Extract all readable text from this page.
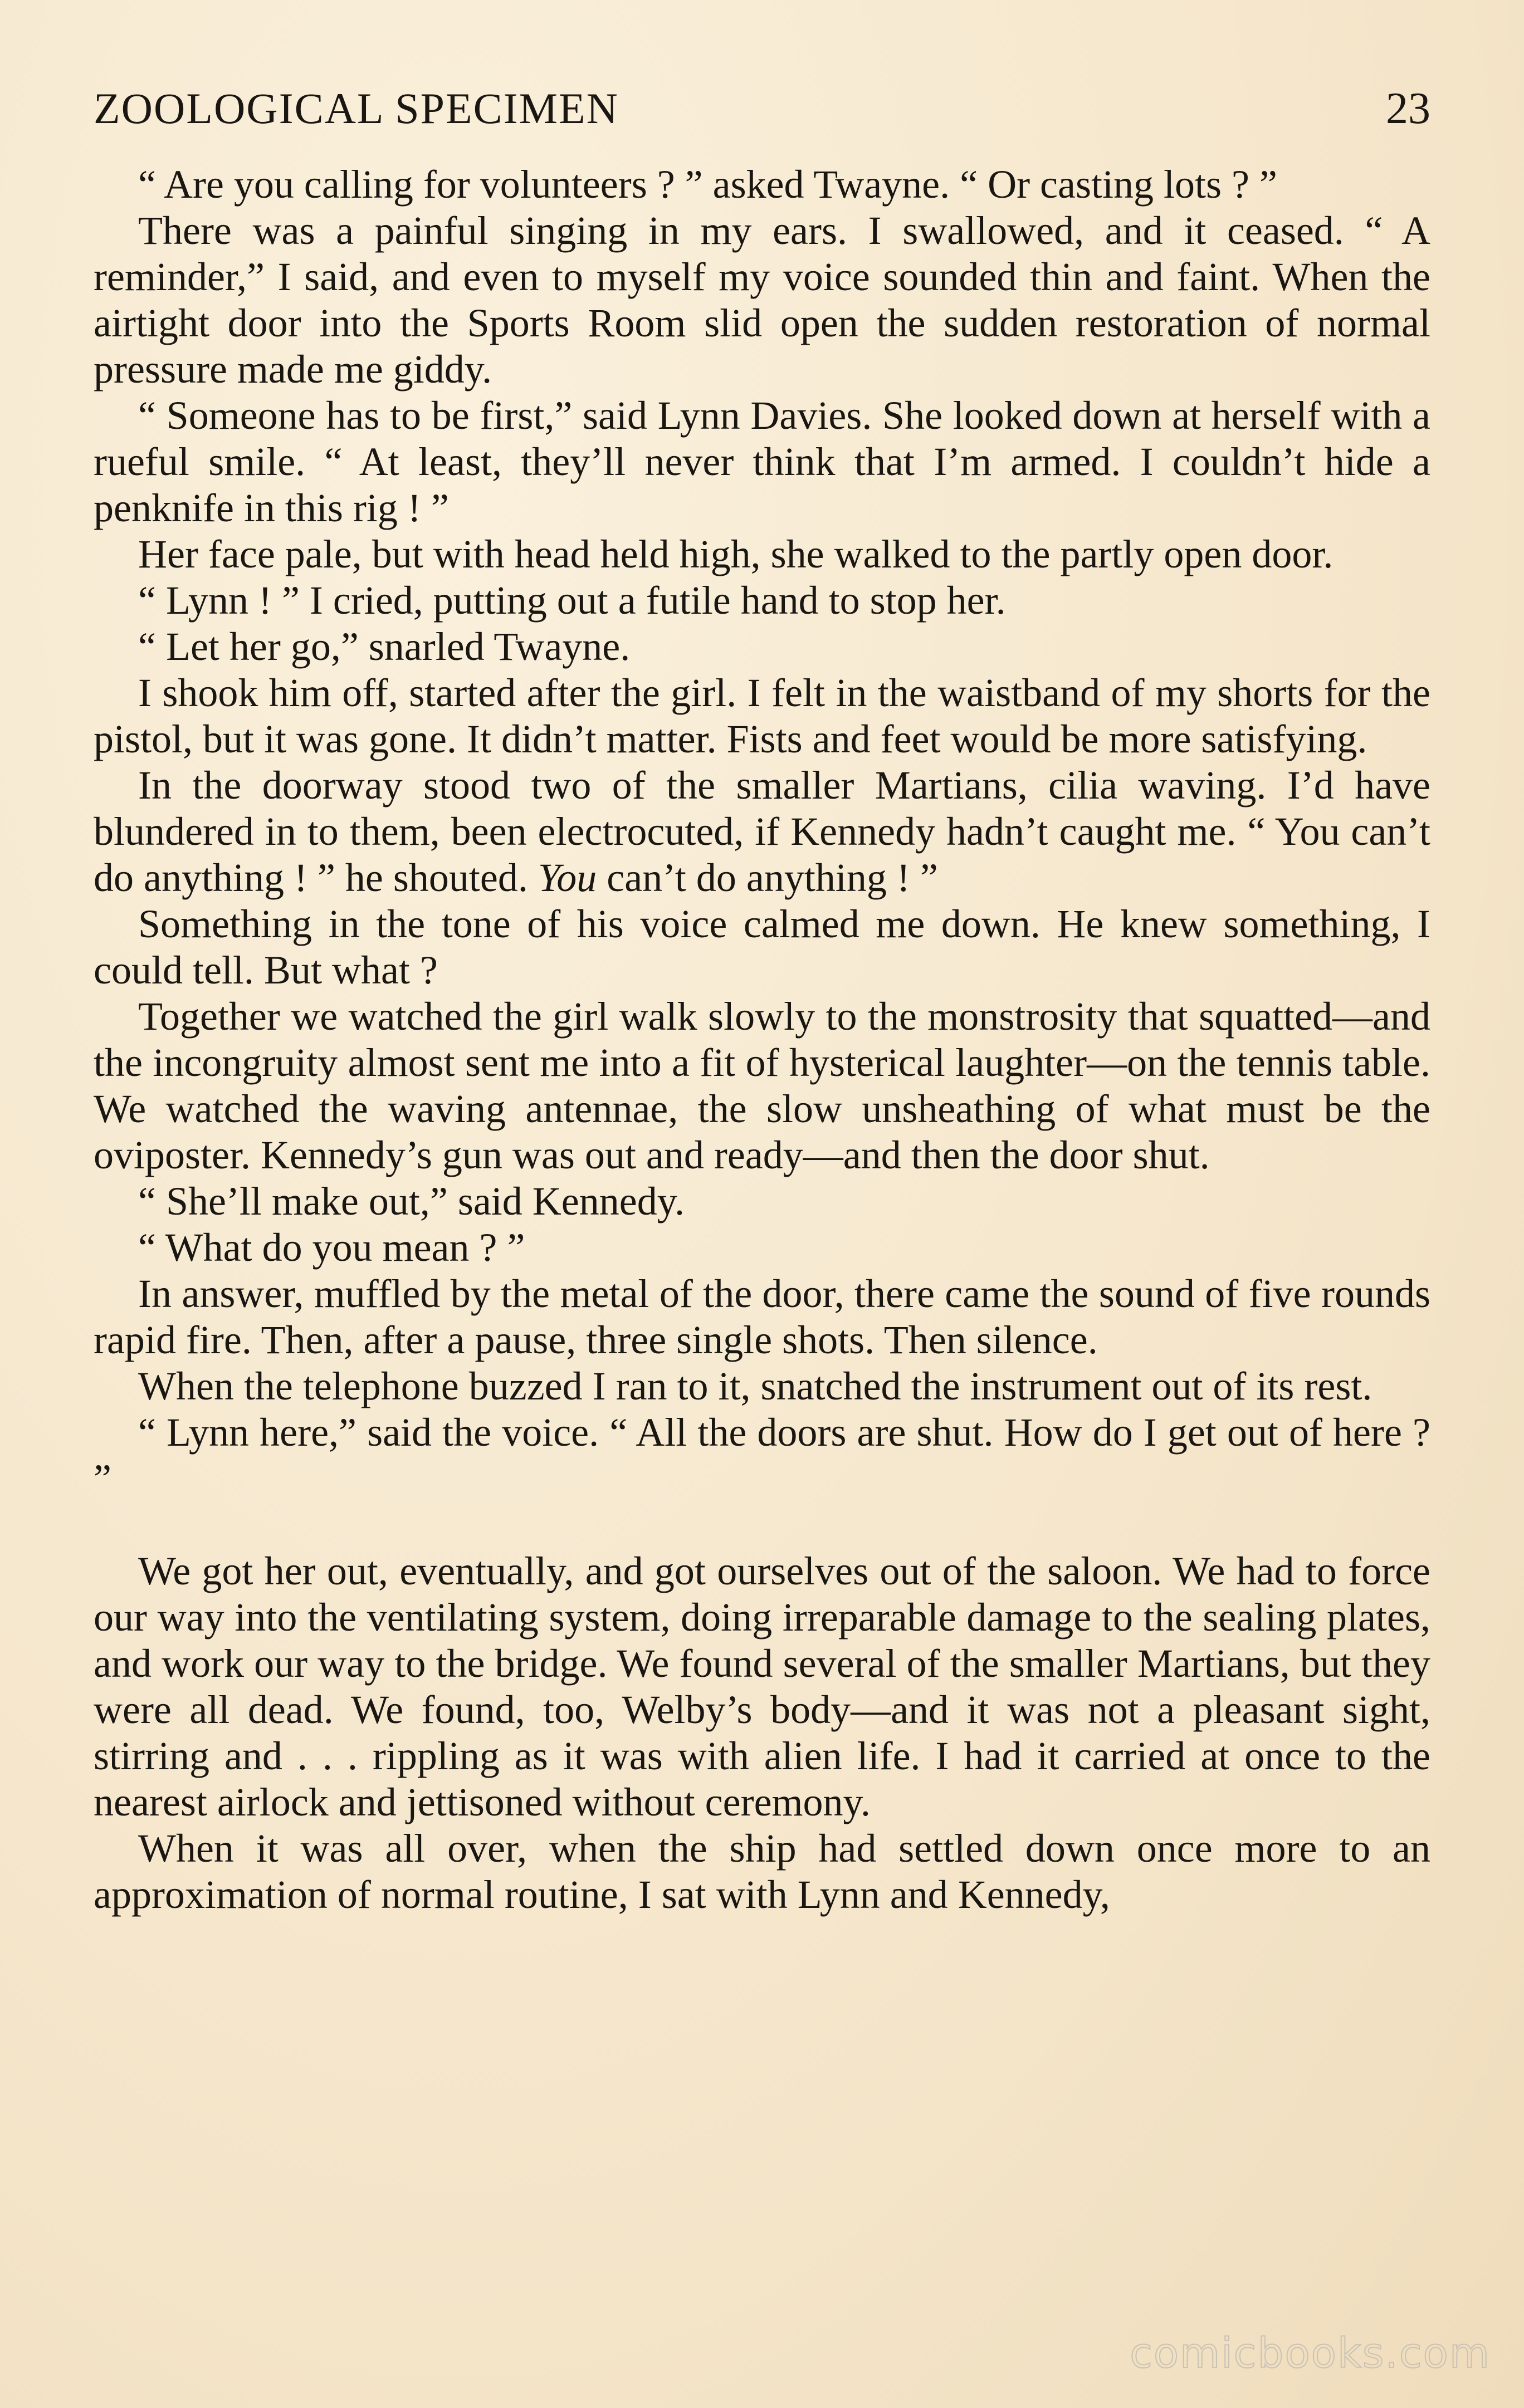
ZOOLOGICAL SPECIMEN	23

“ Are you calling for volunteers ? ” asked Twayne. “ Or casting lots ? ”

There was a painful singing in my ears. I swallowed, and it ceased. “ A reminder,” I said, and even to myself my voice sounded thin and faint. When the airtight door into the Sports Room slid open the sudden restoration of normal pressure made me giddy.

“ Someone has to be first,” said Lynn Davies. She looked down at herself with a rueful smile. “ At least, they’ll never think that I’m armed. I couldn’t hide a penknife in this rig ! ”

Her face pale, but with head held high, she walked to the partly open door.

“ Lynn ! ” I cried, putting out a futile hand to stop her.

“ Let her go,” snarled Twayne.

I shook him off, started after the girl. I felt in the waistband of my shorts for the pistol, but it was gone. It didn’t matter. Fists and feet would be more satisfying.

In the doorway stood two of the smaller Martians, cilia waving. I’d have blundered in to them, been electrocuted, if Kennedy hadn’t caught me. “ You can’t do anything ! ” he shouted. You can’t do anything ! ”

Something in the tone of his voice calmed me down. He knew something, I could tell. But what ?

Together we watched the girl walk slowly to the monstrosity that squatted—and the incongruity almost sent me into a fit of hysterical laughter—on the tennis table. We watched the waving antennae, the slow unsheathing of what must be the oviposter. Kennedy’s gun was out and ready—and then the door shut.

“ She’ll make out,” said Kennedy.

“ What do you mean ? ”

In answer, muffled by the metal of the door, there came the sound of five rounds rapid fire. Then, after a pause, three single shots. Then silence.

When the telephone buzzed I ran to it, snatched the instrument out of its rest.

“ Lynn here,” said the voice. “ All the doors are shut. How do I get out of here ? ”

We got her out, eventually, and got ourselves out of the saloon. We had to force our way into the ventilating system, doing irreparable damage to the sealing plates, and work our way to the bridge. We found several of the smaller Martians, but they were all dead. We found, too, Welby’s body—and it was not a pleasant sight, stirring and . . . rippling as it was with alien life. I had it carried at once to the nearest airlock and jettisoned without ceremony.

When it was all over, when the ship had settled down once more to an approximation of normal routine, I sat with Lynn and Kennedy,

comicbooks.com
